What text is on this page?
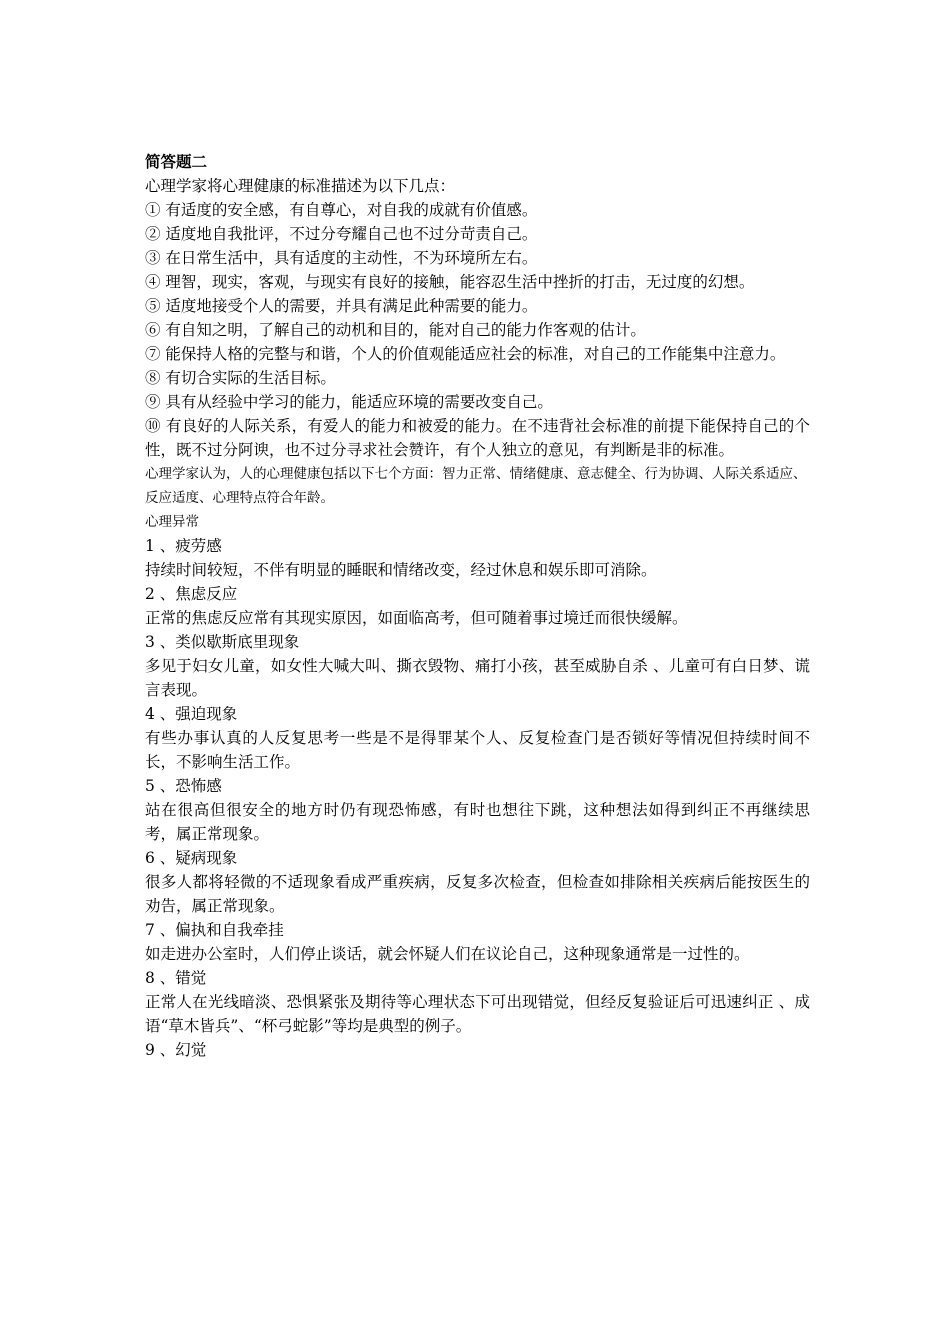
简答题二
心理学家将心理健康的标准描述为以下几点：
① 有适度的安全感，有自尊心，对自我的成就有价值感。
② 适度地自我批评，不过分夸耀自己也不过分苛责自己。
③ 在日常生活中，具有适度的主动性，不为环境所左右。
④ 理智，现实，客观，与现实有良好的接触，能容忍生活中挫折的打击，无过度的幻想。
⑤ 适度地接受个人的需要，并具有满足此种需要的能力。
⑥ 有自知之明，了解自己的动机和目的，能对自己的能力作客观的估计。
⑦ 能保持人格的完整与和谐，个人的价值观能适应社会的标准，对自己的工作能集中注意力。
⑧ 有切合实际的生活目标。
⑨ 具有从经验中学习的能力，能适应环境的需要改变自己。
⑩ 有良好的人际关系，有爱人的能力和被爱的能力。在不违背社会标准的前提下能保持自己的个性，既不过分阿谀，也不过分寻求社会赞许，有个人独立的意见，有判断是非的标准。
心理学家认为，人的心理健康包括以下七个方面：智力正常、情绪健康、意志健全、行为协调、人际关系适应、反应适度、心理特点符合年龄。
心理异常
1 、疲劳感
持续时间较短，不伴有明显的睡眠和情绪改变，经过休息和娱乐即可消除。
2 、焦虑反应
正常的焦虑反应常有其现实原因，如面临高考，但可随着事过境迁而很快缓解。
3 、类似歇斯底里现象
多见于妇女儿童，如女性大喊大叫、撕衣毁物、痛打小孩，甚至威胁自杀 、儿童可有白日梦、谎言表现。
4 、强迫现象
有些办事认真的人反复思考一些是不是得罪某个人、反复检查门是否锁好等情况但持续时间不长，不影响生活工作。
5 、恐怖感
站在很高但很安全的地方时仍有现恐怖感，有时也想往下跳，这种想法如得到纠正不再继续思考，属正常现象。
6 、疑病现象
很多人都将轻微的不适现象看成严重疾病，反复多次检查，但检查如排除相关疾病后能按医生的劝告，属正常现象。
7 、偏执和自我牵挂
如走进办公室时，人们停止谈话，就会怀疑人们在议论自己，这种现象通常是一过性的。
8 、错觉
正常人在光线暗淡、恐惧紧张及期待等心理状态下可出现错觉，但经反复验证后可迅速纠正 、成语“草木皆兵”、“杯弓蛇影”等均是典型的例子。
9 、幻觉
